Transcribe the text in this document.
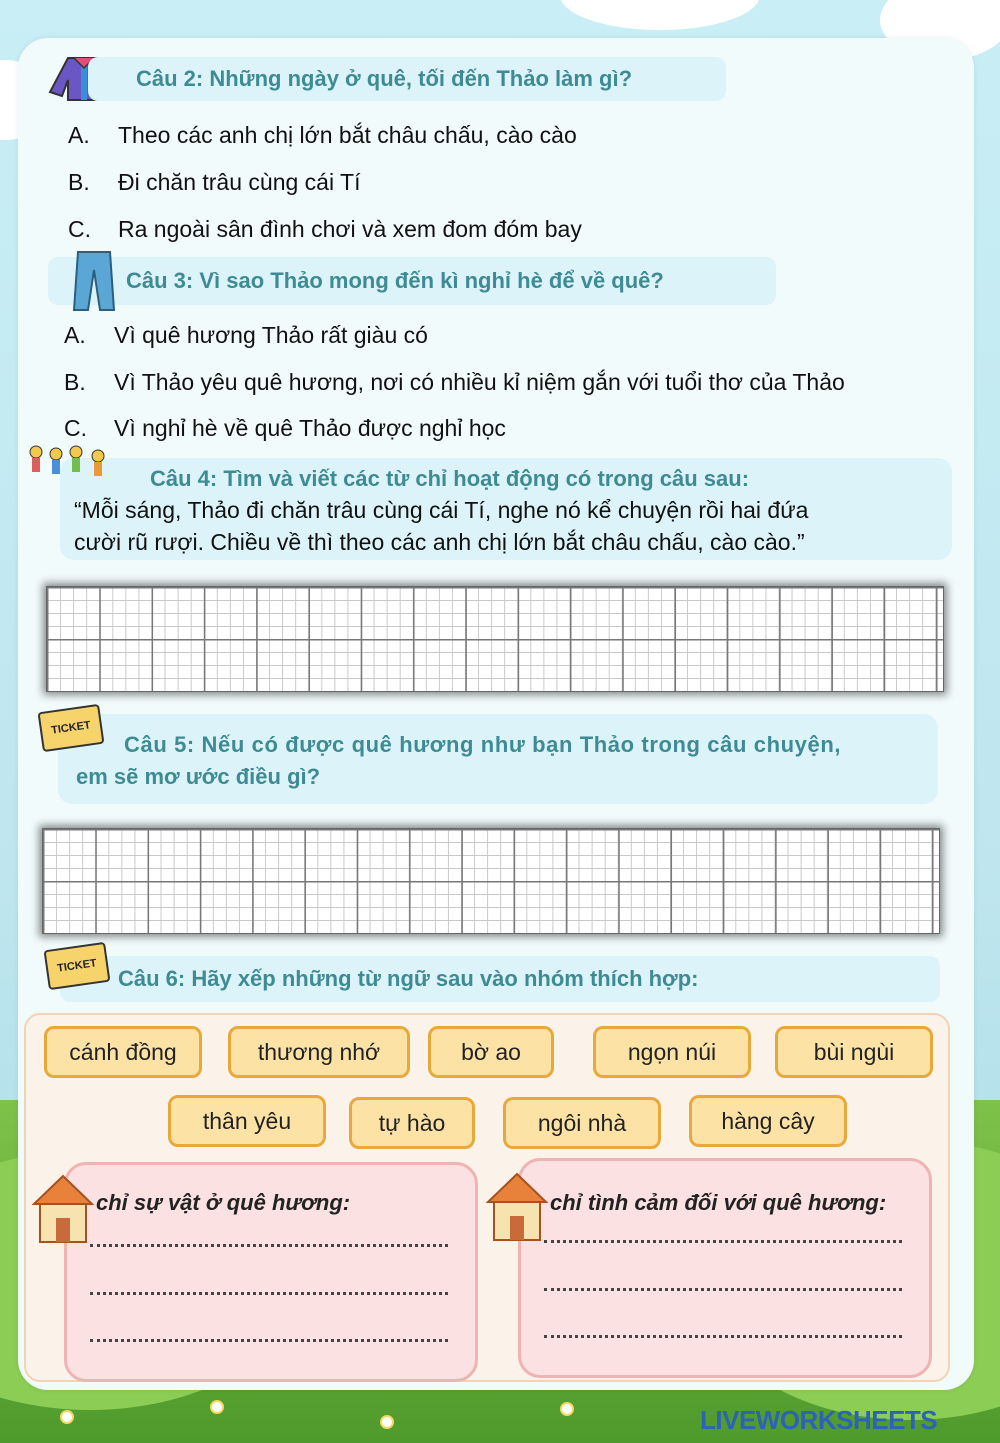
Câu 2: Những ngày ở quê, tối đến Thảo làm gì?
A. Theo các anh chị lớn bắt châu chấu, cào cào
B. Đi chăn trâu cùng cái Tí
C. Ra ngoài sân đình chơi và xem đom đóm bay
Câu 3: Vì sao Thảo mong đến kì nghỉ hè để về quê?
A. Vì quê hương Thảo rất giàu có
B. Vì Thảo yêu quê hương, nơi có nhiều kỉ niệm gắn với tuổi thơ của Thảo
C. Vì nghỉ hè về quê Thảo được nghỉ học
Câu 4: Tìm và viết các từ chỉ hoạt động có trong câu sau:
“Mỗi sáng, Thảo đi chăn trâu cùng cái Tí, nghe nó kể chuyện rồi hai đứa
cười rũ rượi. Chiều về thì theo các anh chị lớn bắt châu chấu, cào cào.”
TICKET
Câu 5: Nếu có được quê hương như bạn Thảo trong câu chuyện,
em sẽ mơ ước điều gì?
TICKET Câu 6: Hãy xếp những từ ngữ sau vào nhóm thích hợp:
cánh đồng	thương nhớ	bờ ao	ngọn núi	bùi ngùi
thân yêu	tự hào	ngôi nhà	hàng cây
chỉ sự vật ở quê hương:	chỉ tình cảm đối với quê hương:
LIVEWORKSHEETS
